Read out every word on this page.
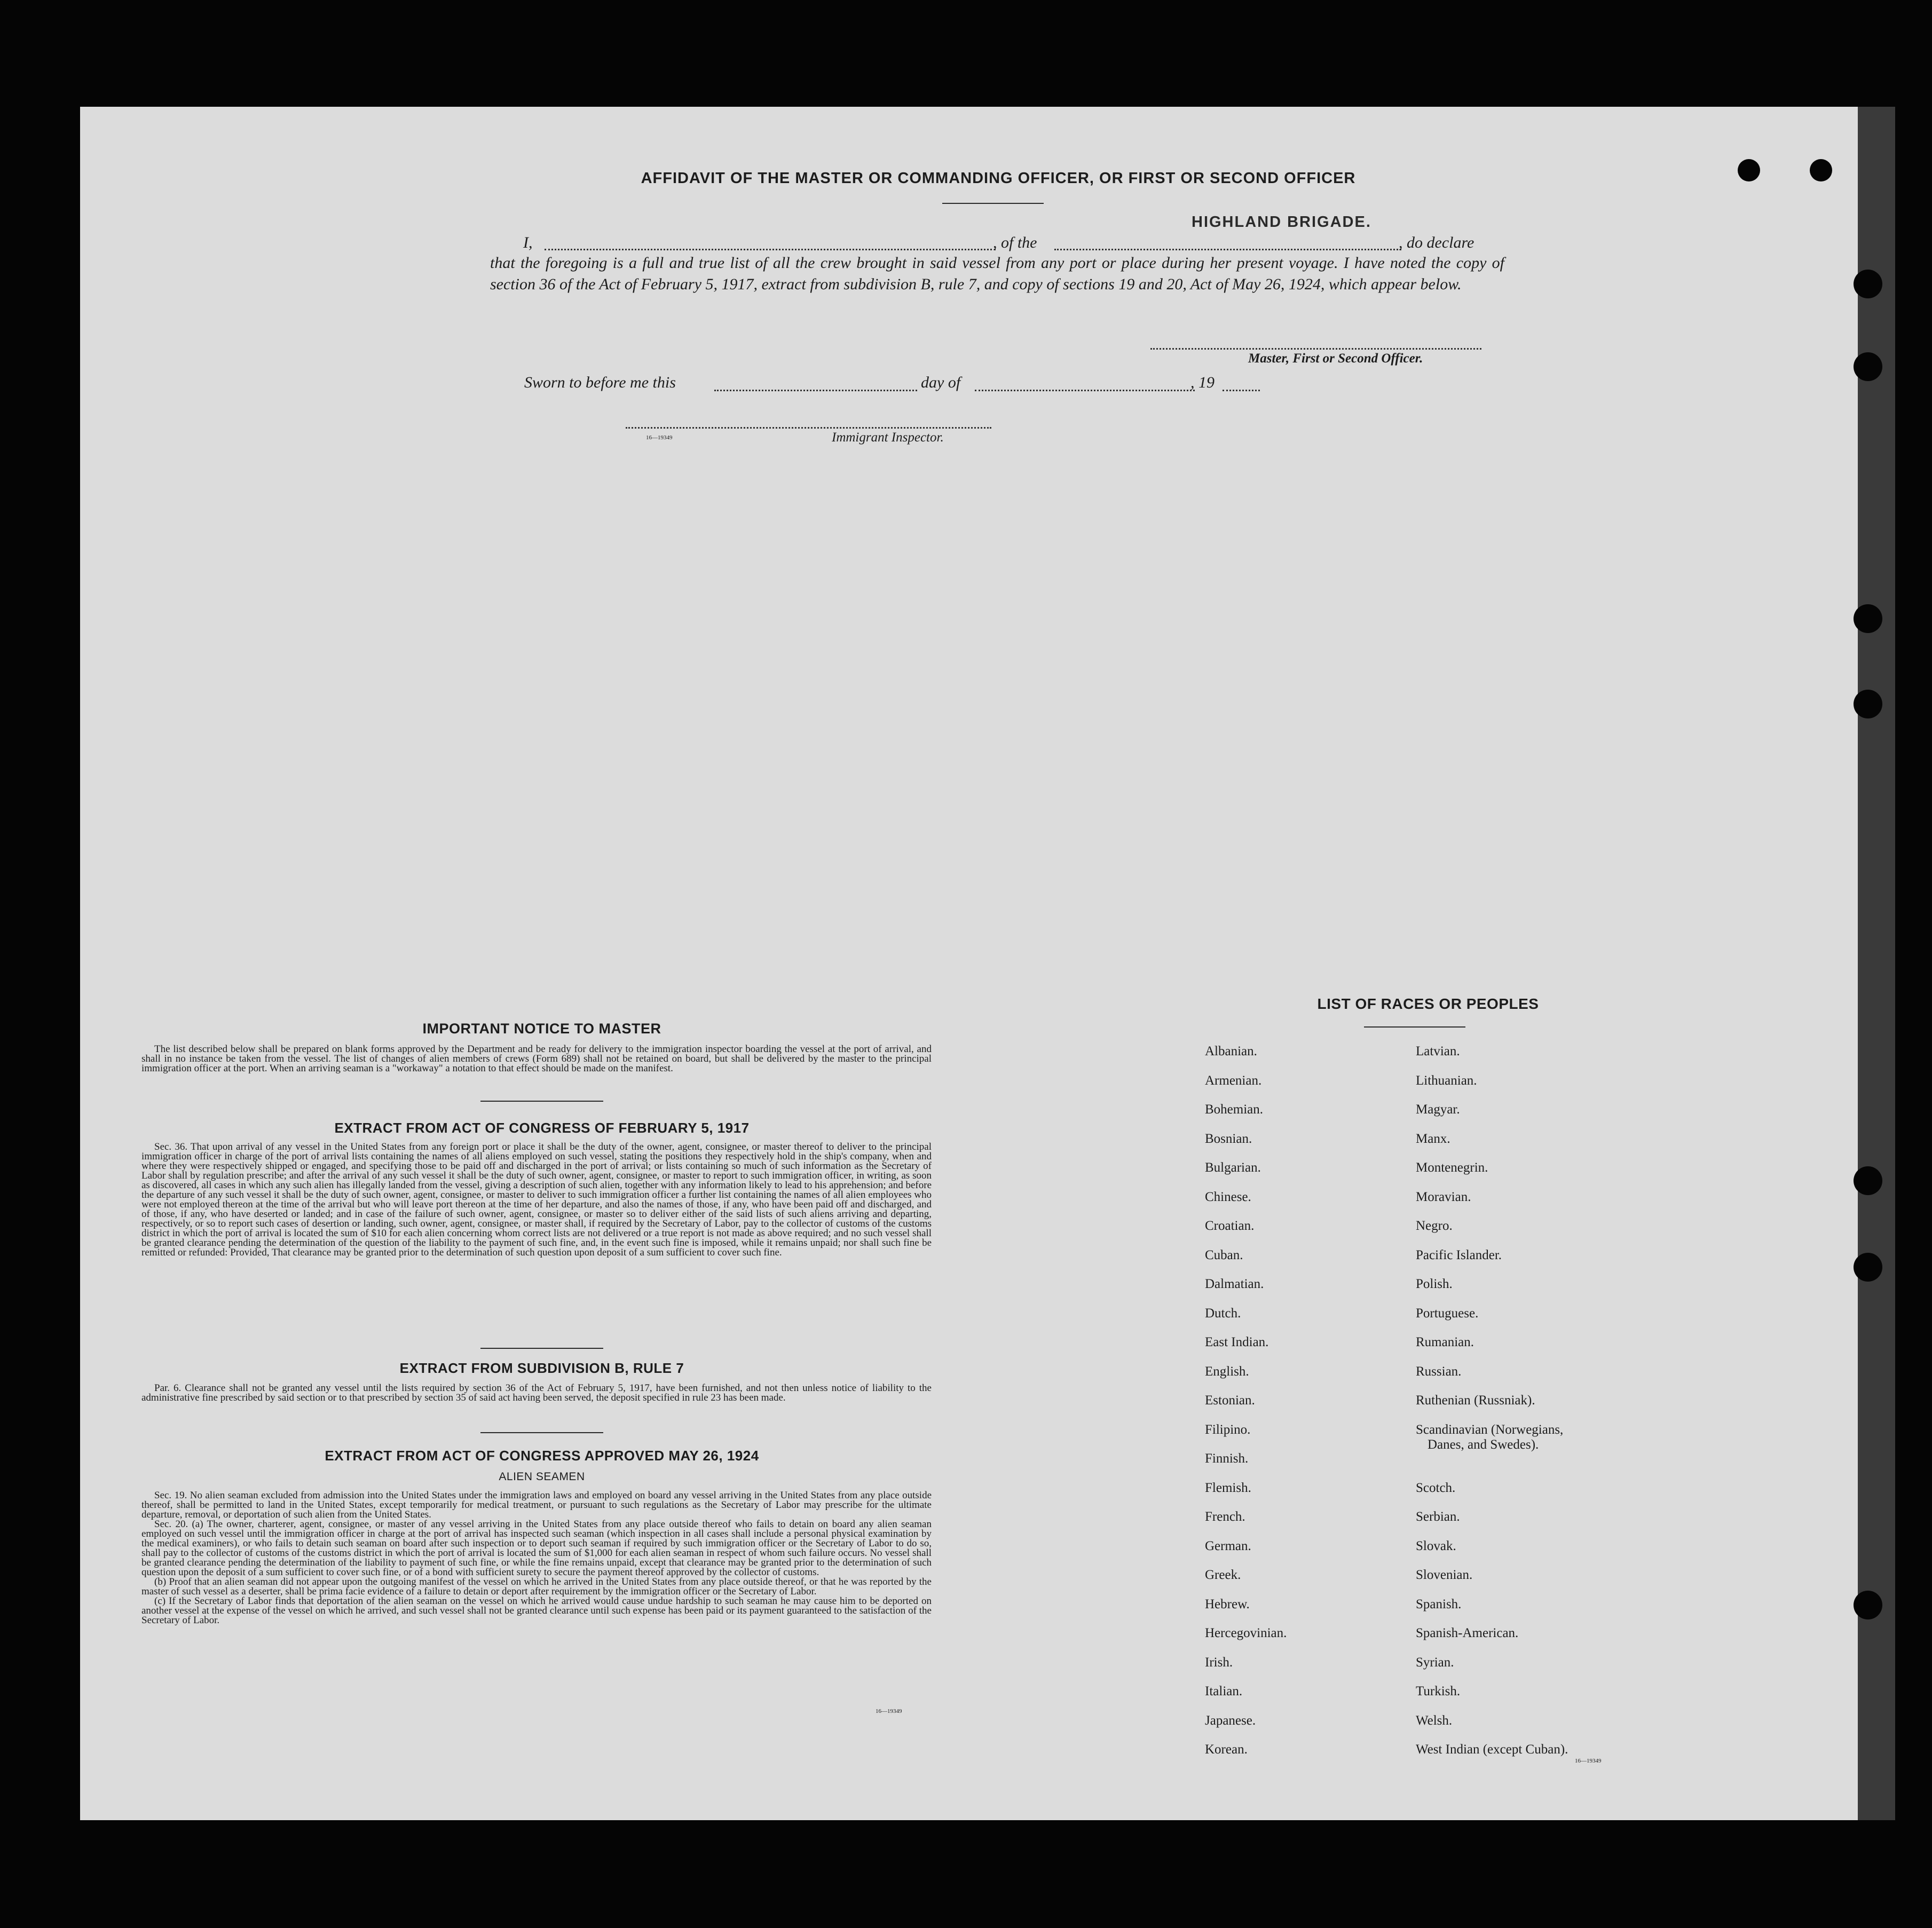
AFFIDAVIT OF THE MASTER OR COMMANDING OFFICER, OR FIRST OR SECOND OFFICER
I,	, of the
HIGHLAND BRIGADE.
, do declare
that the foregoing is a full and true list of all the crew brought in said vessel from any port or place during her present voyage. I have noted the copy of section 36 of the Act of February 5, 1917, extract from subdivision B, rule 7, and copy of sections 19 and 20, Act of May 26, 1924, which appear below.
Master, First or Second Officer.
Sworn to before me this	day of	, 19
16—19349	Immigrant Inspector.
IMPORTANT NOTICE TO MASTER

The list described below shall be prepared on blank forms approved by the Department and be ready for delivery to the immigration inspector boarding the vessel at the port of arrival, and shall in no instance be taken from the vessel. The list of changes of alien members of crews (Form 689) shall not be retained on board, but shall be delivered by the master to the principal immigration officer at the port. When an arriving seaman is a "workaway" a notation to that effect should be made on the manifest.

EXTRACT FROM ACT OF CONGRESS OF FEBRUARY 5, 1917

Sec. 36. That upon arrival of any vessel in the United States from any foreign port or place it shall be the duty of the owner, agent, consignee, or master thereof to deliver to the principal immigration officer in charge of the port of arrival lists containing the names of all aliens employed on such vessel, stating the positions they respectively hold in the ship's company, when and where they were respectively shipped or engaged, and specifying those to be paid off and discharged in the port of arrival; or lists containing so much of such information as the Secretary of Labor shall by regulation prescribe; and after the arrival of any such vessel it shall be the duty of such owner, agent, consignee, or master to report to such immigration officer, in writing, as soon as discovered, all cases in which any such alien has illegally landed from the vessel, giving a description of such alien, together with any information likely to lead to his apprehension; and before the departure of any such vessel it shall be the duty of such owner, agent, consignee, or master to deliver to such immigration officer a further list containing the names of all alien employees who were not employed thereon at the time of the arrival but who will leave port thereon at the time of her departure, and also the names of those, if any, who have been paid off and discharged, and of those, if any, who have deserted or landed; and in case of the failure of such owner, agent, consignee, or master so to deliver either of the said lists of such aliens arriving and departing, respectively, or so to report such cases of desertion or landing, such owner, agent, consignee, or master shall, if required by the Secretary of Labor, pay to the collector of customs of the customs district in which the port of arrival is located the sum of $10 for each alien concerning whom correct lists are not delivered or a true report is not made as above required; and no such vessel shall be granted clearance pending the determination of the question of the liability to the payment of such fine, and, in the event such fine is imposed, while it remains unpaid; nor shall such fine be remitted or refunded: Provided, That clearance may be granted prior to the determination of such question upon deposit of a sum sufficient to cover such fine.

EXTRACT FROM SUBDIVISION B, RULE 7

Par. 6. Clearance shall not be granted any vessel until the lists required by section 36 of the Act of February 5, 1917, have been furnished, and not then unless notice of liability to the administrative fine prescribed by said section or to that prescribed by section 35 of said act having been served, the deposit specified in rule 23 has been made.

EXTRACT FROM ACT OF CONGRESS APPROVED MAY 26, 1924
ALIEN SEAMEN

Sec. 19. No alien seaman excluded from admission into the United States under the immigration laws and employed on board any vessel arriving in the United States from any place outside thereof, shall be permitted to land in the United States, except temporarily for medical treatment, or pursuant to such regulations as the Secretary of Labor may prescribe for the ultimate departure, removal, or deportation of such alien from the United States.

Sec. 20. (a) The owner, charterer, agent, consignee, or master of any vessel arriving in the United States from any place outside thereof who fails to detain on board any alien seaman employed on such vessel until the immigration officer in charge at the port of arrival has inspected such seaman (which inspection in all cases shall include a personal physical examination by the medical examiners), or who fails to detain such seaman on board after such inspection or to deport such seaman if required by such immigration officer or the Secretary of Labor to do so, shall pay to the collector of customs of the customs district in which the port of arrival is located the sum of $1,000 for each alien seaman in respect of whom such failure occurs. No vessel shall be granted clearance pending the determination of the liability to payment of such fine, or while the fine remains unpaid, except that clearance may be granted prior to the determination of such question upon the deposit of a sum sufficient to cover such fine, or of a bond with sufficient surety to secure the payment thereof approved by the collector of customs.

(b) Proof that an alien seaman did not appear upon the outgoing manifest of the vessel on which he arrived in the United States from any place outside thereof, or that he was reported by the master of such vessel as a deserter, shall be prima facie evidence of a failure to detain or deport after requirement by the immigration officer or the Secretary of Labor.

(c) If the Secretary of Labor finds that deportation of the alien seaman on the vessel on which he arrived would cause undue hardship to such seaman he may cause him to be deported on another vessel at the expense of the vessel on which he arrived, and such vessel shall not be granted clearance until such expense has been paid or its payment guaranteed to the satisfaction of the Secretary of Labor.

16—19349
LIST OF RACES OR PEOPLES
Albanian.
Armenian.
Bohemian.
Bosnian.
Bulgarian.
Chinese.
Croatian.
Cuban.
Dalmatian.
Dutch.
East Indian.
English.
Estonian.
Filipino.
Finnish.
Flemish.
French.
German.
Greek.
Hebrew.
Hercegovinian.
Irish.
Italian.
Japanese.
Korean.
Latvian.
Lithuanian.
Magyar.
Manx.
Montenegrin.
Moravian.
Negro.
Pacific Islander.
Polish.
Portuguese.
Rumanian.
Russian.
Ruthenian (Russniak).
Scandinavian (Norwegians,
Danes, and Swedes).
Scotch.
Serbian.
Slovak.
Slovenian.
Spanish.
Spanish-American.
Syrian.
Turkish.
Welsh.
West Indian (except Cuban).
16—19349
